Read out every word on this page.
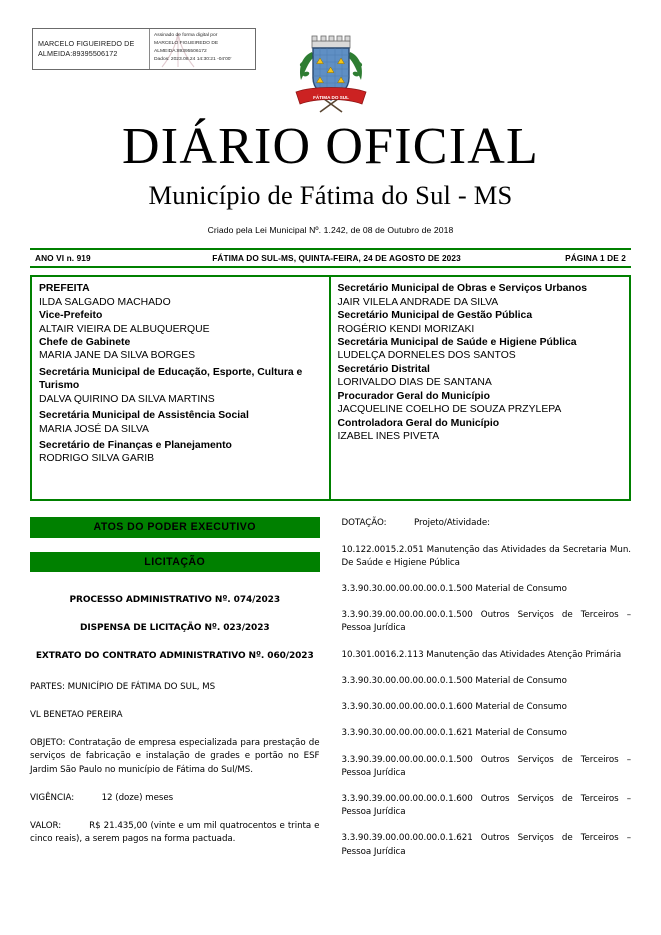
MARCELO FIGUEIREDO DE ALMEIDA:89395506172
Assinado de forma digital por
MARCELO FIGUEIREDO DE
ALMEIDA:89395506172
Dados: 2023.08.24 14:30:21 -04'00'
FÁTIMA DO SUL
DIÁRIO OFICIAL
Município de Fátima do Sul - MS
Criado pela Lei Municipal Nº. 1.242, de 08 de Outubro de 2018
ANO VI n. 919	FÁTIMA DO SUL-MS, QUINTA-FEIRA, 24 DE AGOSTO DE 2023	PÁGINA 1 DE 2
PREFEITA
ILDA SALGADO MACHADO
Vice-Prefeito
ALTAIR VIEIRA DE ALBUQUERQUE
Chefe de Gabinete
MARIA JANE DA SILVA BORGES
Secretária Municipal de Educação, Esporte, Cultura e Turismo
DALVA QUIRINO DA SILVA MARTINS
Secretária Municipal de Assistência Social
MARIA JOSÉ DA SILVA
Secretário de Finanças e Planejamento
RODRIGO SILVA GARIB
Secretário Municipal de Obras e Serviços Urbanos
JAIR VILELA ANDRADE DA SILVA
Secretário Municipal de Gestão Pública
ROGÉRIO KENDI MORIZAKI
Secretária Municipal de Saúde e Higiene Pública
LUDELÇA DORNELES DOS SANTOS
Secretário Distrital
LORIVALDO DIAS DE SANTANA
Procurador Geral do Município
JACQUELINE COELHO DE SOUZA PRZYLEPA
Controladora Geral do Município
IZABEL INES PIVETA
ATOS DO PODER EXECUTIVO
LICITAÇÃO
PROCESSO ADMINISTRATIVO Nº. 074/2023
DISPENSA DE LICITAÇÃO Nº. 023/2023
EXTRATO DO CONTRATO ADMINISTRATIVO Nº. 060/2023
PARTES: MUNICÍPIO DE FÁTIMA DO SUL, MS
VL BENETAO PEREIRA
OBJETO: Contratação de empresa especializada para prestação de serviços de fabricação e instalação de grades e portão no ESF Jardim São Paulo no município de Fátima do Sul/MS.
VIGÊNCIA:	12 (doze) meses
VALOR:	R$ 21.435,00 (vinte e um mil quatrocentos e trinta e cinco reais), a serem pagos na forma pactuada.
DOTAÇÃO:	Projeto/Atividade:
10.122.0015.2.051 Manutenção das Atividades da Secretaria Mun. De Saúde e Higiene Pública
3.3.90.30.00.00.00.00.0.1.500 Material de Consumo
3.3.90.39.00.00.00.00.0.1.500 Outros Serviços de Terceiros – Pessoa Jurídica
10.301.0016.2.113 Manutenção das Atividades Atenção Primária
3.3.90.30.00.00.00.00.0.1.500 Material de Consumo
3.3.90.30.00.00.00.00.0.1.600 Material de Consumo
3.3.90.30.00.00.00.00.0.1.621 Material de Consumo
3.3.90.39.00.00.00.00.0.1.500 Outros Serviços de Terceiros – Pessoa Jurídica
3.3.90.39.00.00.00.00.0.1.600 Outros Serviços de Terceiros – Pessoa Jurídica
3.3.90.39.00.00.00.00.0.1.621 Outros Serviços de Terceiros – Pessoa Jurídica
